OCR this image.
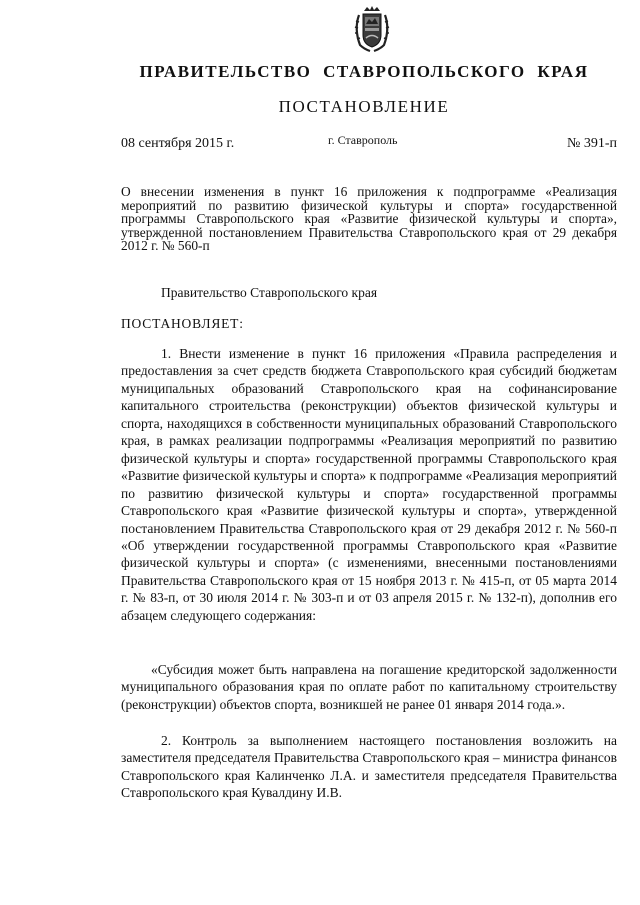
ПРАВИТЕЛЬСТВО СТАВРОПОЛЬСКОГО КРАЯ
ПОСТАНОВЛЕНИЕ
08 сентября 2015 г.	г. Ставрополь	№ 391-п
О внесении изменения в пункт 16 приложения к подпрограмме «Реализация мероприятий по развитию физической культуры и спорта» государственной программы Ставропольского края «Развитие физической культуры и спорта», утвержденной постановлением Правительства Ставропольского края от 29 декабря 2012 г. № 560-п
Правительство Ставропольского края
ПОСТАНОВЛЯЕТ:

1. Внести изменение в пункт 16 приложения «Правила распределения и предоставления за счет средств бюджета Ставропольского края субсидий бюджетам муниципальных образований Ставропольского края на софинансирование капитального строительства (реконструкции) объектов физической культуры и спорта, находящихся в собственности муниципальных образований Ставропольского края, в рамках реализации подпрограммы «Реализация мероприятий по развитию физической культуры и спорта» государственной программы Ставропольского края «Развитие физической культуры и спорта» к подпрограмме «Реализация мероприятий по развитию физической культуры и спорта» государственной программы Ставропольского края «Развитие физической культуры и спорта», утвержденной постановлением Правительства Ставропольского края от 29 декабря 2012 г. № 560-п «Об утверждении государственной программы Ставропольского края «Развитие физической культуры и спорта» (с изменениями, внесенными постановлениями Правительства Ставропольского края от 15 ноября 2013 г. № 415-п, от 05 марта 2014 г. № 83-п, от 30 июля 2014 г. № 303-п и от 03 апреля 2015 г. № 132-п), дополнив его абзацем следующего содержания:

«Субсидия может быть направлена на погашение кредиторской задолженности муниципального образования края по оплате работ по капитальному строительству (реконструкции) объектов спорта, возникшей не ранее 01 января 2014 года.».

2. Контроль за выполнением настоящего постановления возложить на заместителя председателя Правительства Ставропольского края – министра финансов Ставропольского края Калинченко Л.А. и заместителя председателя Правительства Ставропольского края Кувалдину И.В.
